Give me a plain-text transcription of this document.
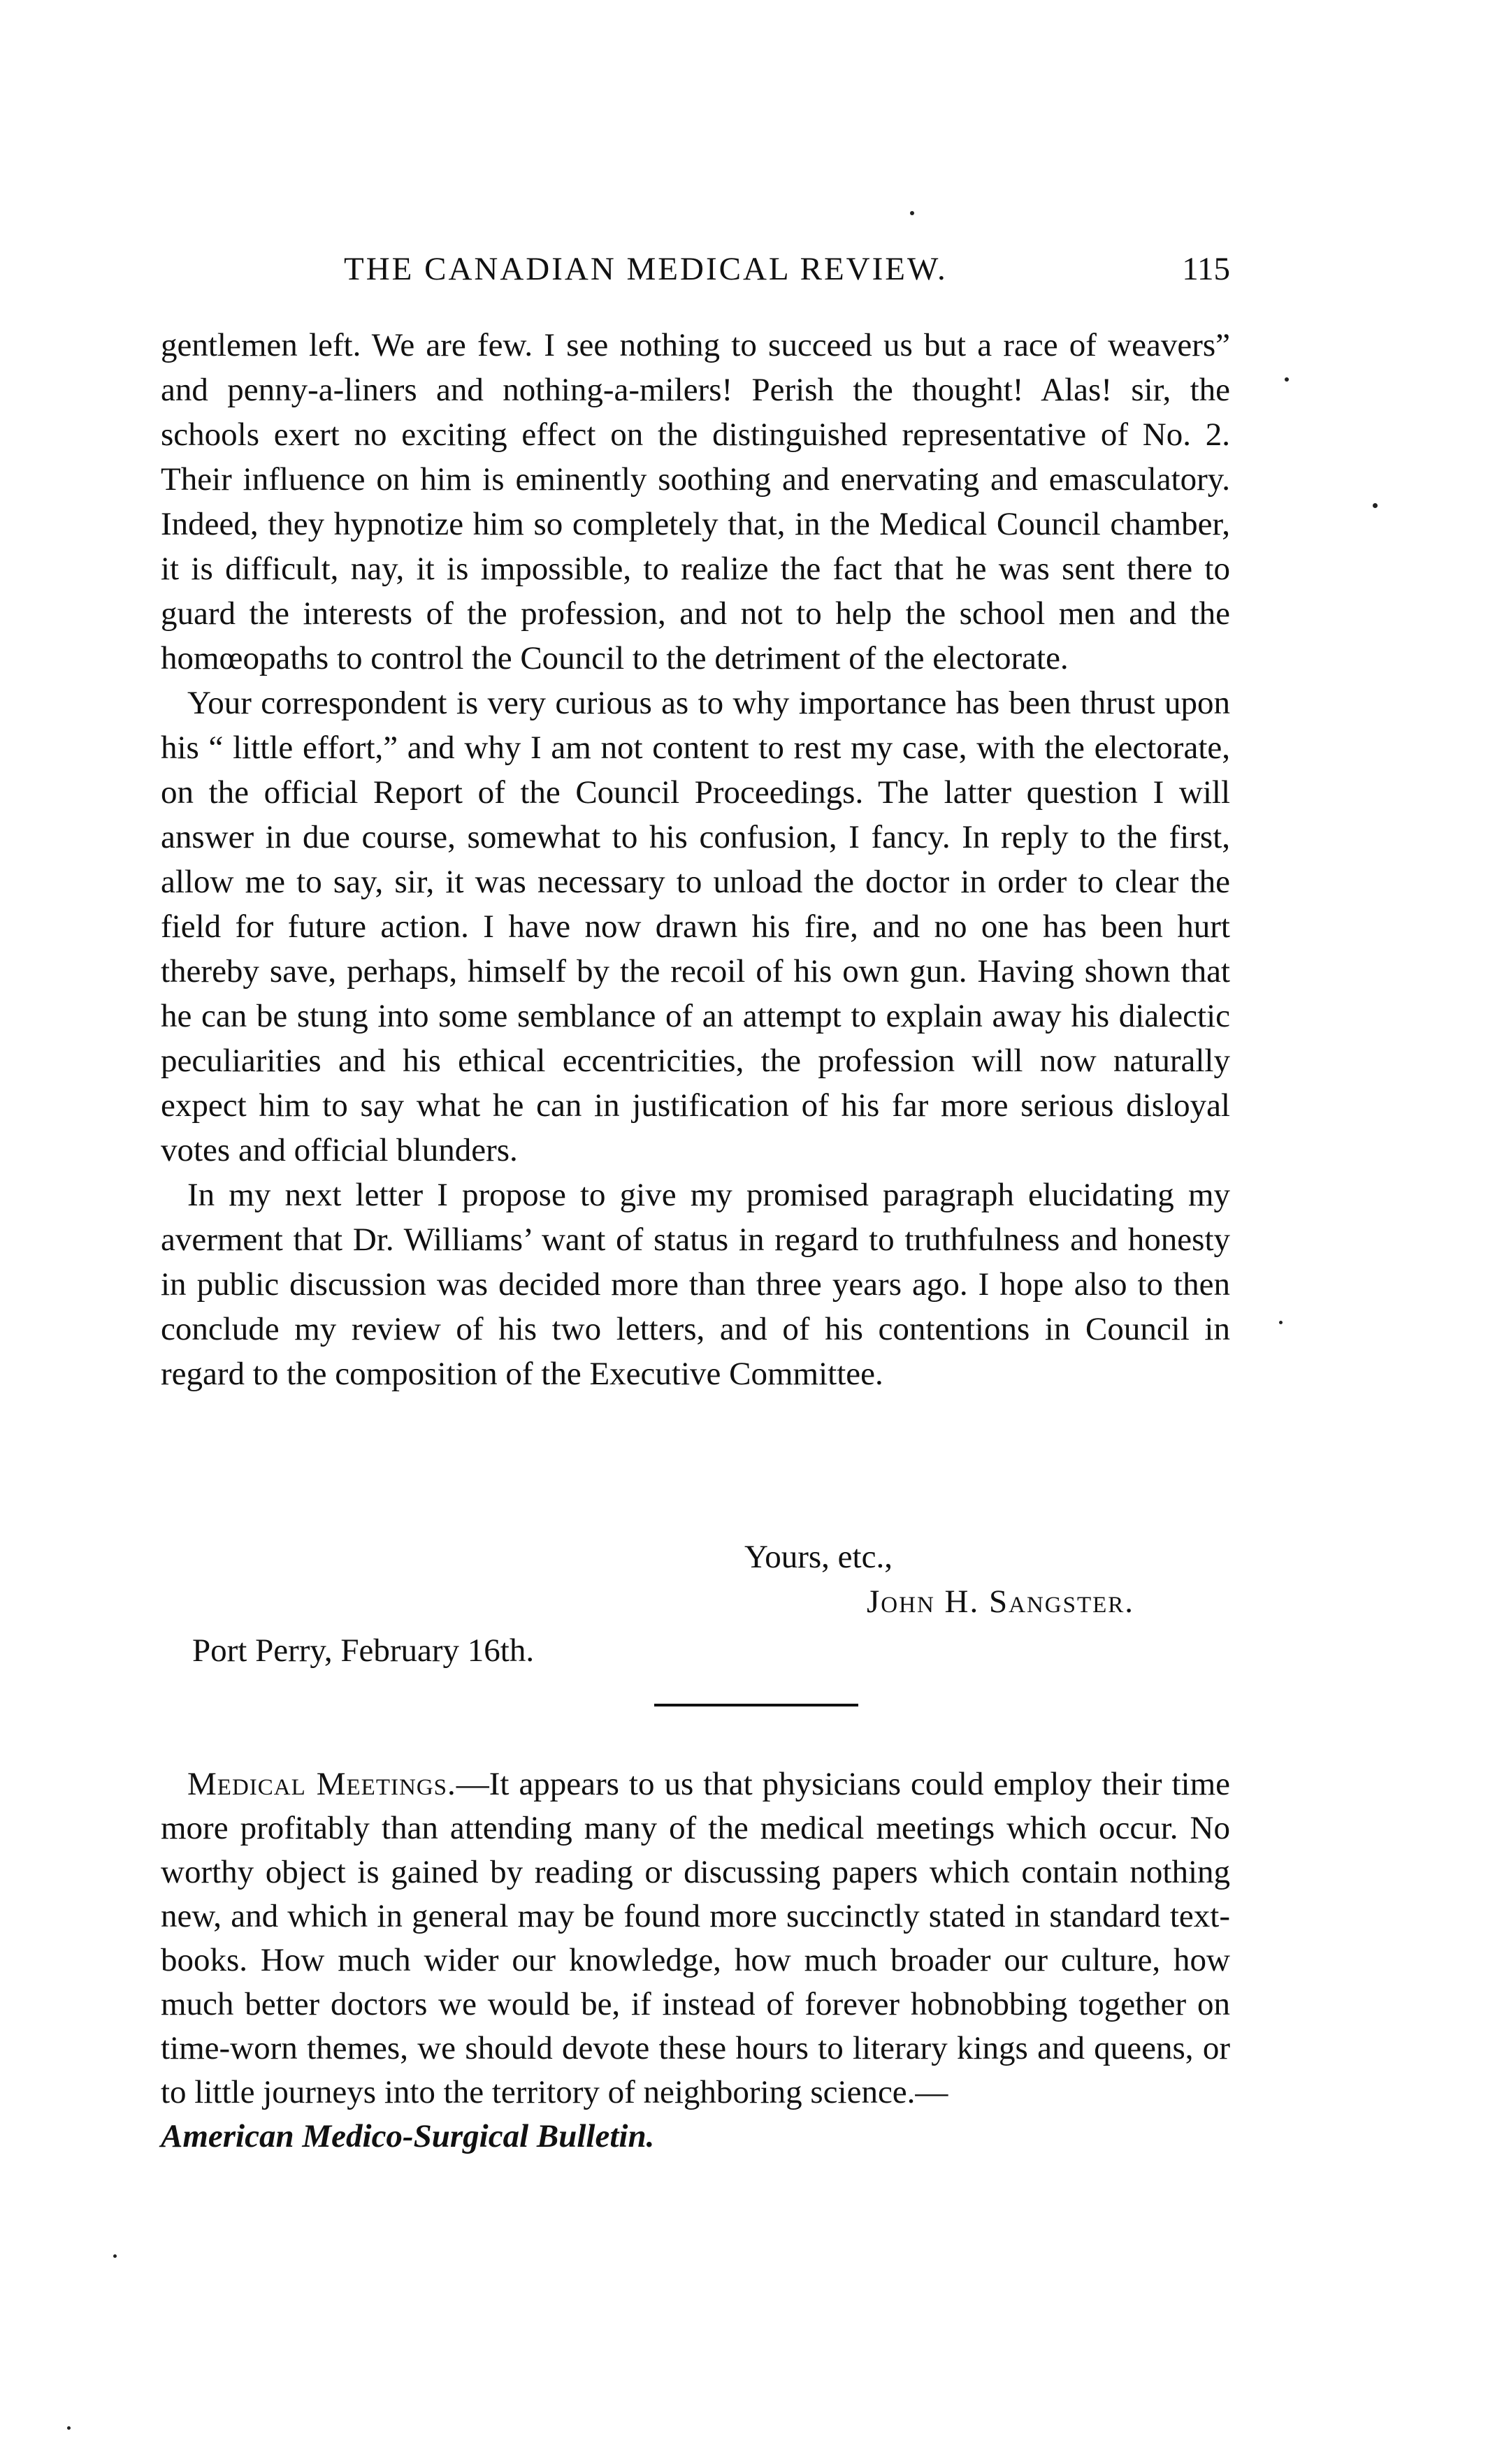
THE CANADIAN MEDICAL REVIEW.	115

gentlemen left. We are few. I see nothing to succeed us but a race of weavers” and penny-a-liners and nothing-a-milers! Perish the thought! Alas! sir, the schools exert no exciting effect on the distinguished representative of No. 2. Their influence on him is eminently soothing and enervating and emasculatory. Indeed, they hypnotize him so completely that, in the Medical Council chamber, it is difficult, nay, it is impossible, to realize the fact that he was sent there to guard the interests of the profession, and not to help the school men and the homœopaths to control the Council to the detriment of the electorate.

Your correspondent is very curious as to why importance has been thrust upon his “ little effort,” and why I am not content to rest my case, with the electorate, on the official Report of the Council Proceedings. The latter question I will answer in due course, somewhat to his confusion, I fancy. In reply to the first, allow me to say, sir, it was necessary to unload the doctor in order to clear the field for future action. I have now drawn his fire, and no one has been hurt thereby save, perhaps, himself by the recoil of his own gun. Having shown that he can be stung into some semblance of an attempt to explain away his dialectic peculiarities and his ethical eccentricities, the profession will now naturally expect him to say what he can in justification of his far more serious disloyal votes and official blunders.

In my next letter I propose to give my promised paragraph elucidating my averment that Dr. Williams’ want of status in regard to truthfulness and honesty in public discussion was decided more than three years ago. I hope also to then conclude my review of his two letters, and of his contentions in Council in regard to the composition of the Executive Committee.

Yours, etc.,
John H. Sangster.
Port Perry, February 16th.

Medical Meetings.—It appears to us that physicians could employ their time more profitably than attending many of the medical meetings which occur. No worthy object is gained by reading or discussing papers which contain nothing new, and which in general may be found more succinctly stated in standard text-books. How much wider our knowledge, how much broader our culture, how much better doctors we would be, if instead of forever hobnobbing together on time-worn themes, we should devote these hours to literary kings and queens, or to little journeys into the territory of neighboring science.—
American Medico-Surgical Bulletin.
